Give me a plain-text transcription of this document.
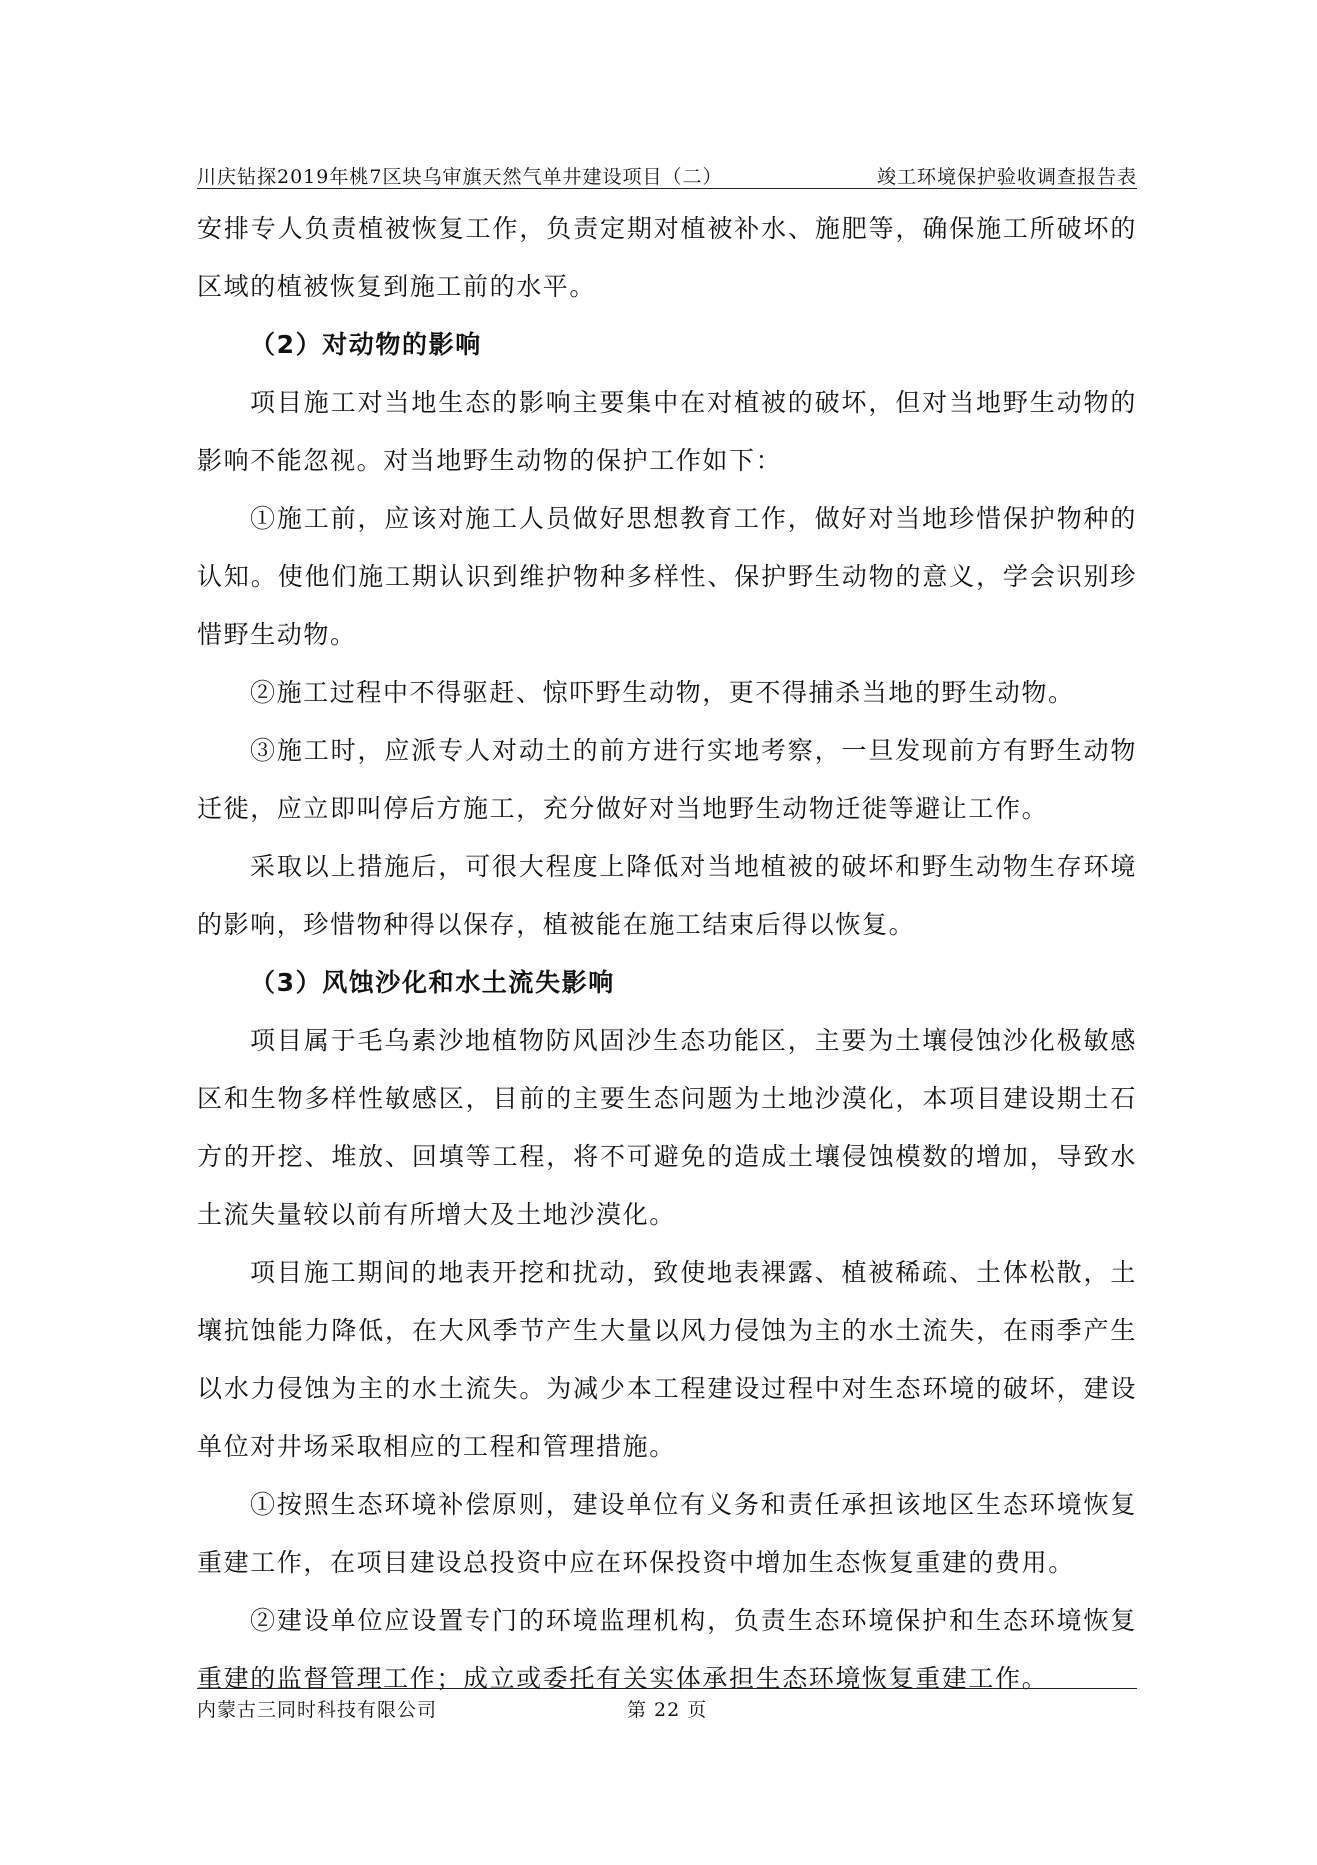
川庆钻探2019年桃7区块乌审旗天然气单井建设项目（二）	竣工环境保护验收调查报告表

安排专人负责植被恢复工作，负责定期对植被补水、施肥等，确保施工所破坏的区域的植被恢复到施工前的水平。

（2）对动物的影响

项目施工对当地生态的影响主要集中在对植被的破坏，但对当地野生动物的影响不能忽视。对当地野生动物的保护工作如下：

①施工前，应该对施工人员做好思想教育工作，做好对当地珍惜保护物种的认知。使他们施工期认识到维护物种多样性、保护野生动物的意义，学会识别珍惜野生动物。

②施工过程中不得驱赶、惊吓野生动物，更不得捕杀当地的野生动物。

③施工时，应派专人对动土的前方进行实地考察，一旦发现前方有野生动物迁徙，应立即叫停后方施工，充分做好对当地野生动物迁徙等避让工作。

采取以上措施后，可很大程度上降低对当地植被的破坏和野生动物生存环境的影响，珍惜物种得以保存，植被能在施工结束后得以恢复。

（3）风蚀沙化和水土流失影响

项目属于毛乌素沙地植物防风固沙生态功能区，主要为土壤侵蚀沙化极敏感区和生物多样性敏感区，目前的主要生态问题为土地沙漠化，本项目建设期土石方的开挖、堆放、回填等工程，将不可避免的造成土壤侵蚀模数的增加，导致水土流失量较以前有所增大及土地沙漠化。

项目施工期间的地表开挖和扰动，致使地表裸露、植被稀疏、土体松散，土壤抗蚀能力降低，在大风季节产生大量以风力侵蚀为主的水土流失，在雨季产生以水力侵蚀为主的水土流失。为减少本工程建设过程中对生态环境的破坏，建设单位对井场采取相应的工程和管理措施。

①按照生态环境补偿原则，建设单位有义务和责任承担该地区生态环境恢复重建工作，在项目建设总投资中应在环保投资中增加生态恢复重建的费用。

②建设单位应设置专门的环境监理机构，负责生态环境保护和生态环境恢复重建的监督管理工作；成立或委托有关实体承担生态环境恢复重建工作。

内蒙古三同时科技有限公司	第 22 页
